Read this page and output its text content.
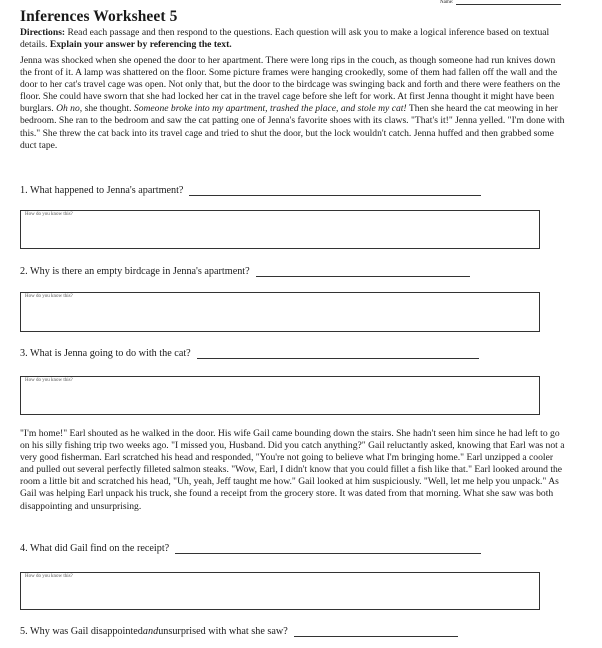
Name:
Inferences Worksheet 5
Directions: Read each passage and then respond to the questions. Each question will ask you to make a logical inference based on textual details. Explain your answer by referencing the text.
Jenna was shocked when she opened the door to her apartment. There were long rips in the couch, as though someone had run knives down the front of it. A lamp was shattered on the floor. Some picture frames were hanging crookedly, some of them had fallen off the wall and the door to her cat's travel cage was open. Not only that, but the door to the birdcage was swinging back and forth and there were feathers on the floor. She could have sworn that she had locked her cat in the travel cage before she left for work. At first Jenna thought it might have been burglars. Oh no, she thought. Someone broke into my apartment, trashed the place, and stole my cat! Then she heard the cat meowing in her bedroom. She ran to the bedroom and saw the cat patting one of Jenna's favorite shoes with its claws. "That's it!" Jenna yelled. "I'm done with this." She threw the cat back into its travel cage and tried to shut the door, but the lock wouldn't catch. Jenna huffed and then grabbed some duct tape.
1. What happened to Jenna's apartment?
How do you know this?
2. Why is there an empty birdcage in Jenna's apartment?
How do you know this?
3. What is Jenna going to do with the cat?
How do you know this?
"I'm home!" Earl shouted as he walked in the door. His wife Gail came bounding down the stairs. She hadn't seen him since he had left to go on his silly fishing trip two weeks ago. "I missed you, Husband. Did you catch anything?" Gail reluctantly asked, knowing that Earl was not a very good fisherman. Earl scratched his head and responded, "You're not going to believe what I'm bringing home." Earl unzipped a cooler and pulled out several perfectly filleted salmon steaks. "Wow, Earl, I didn't know that you could fillet a fish like that." Earl looked around the room a little bit and scratched his head, "Uh, yeah, Jeff taught me how." Gail looked at him suspiciously. "Well, let me help you unpack." As Gail was helping Earl unpack his truck, she found a receipt from the grocery store. It was dated from that morning. What she saw was both disappointing and unsurprising.
4. What did Gail find on the receipt?
How do you know this?
5. Why was Gail disappointed and unsurprised with what she saw?
